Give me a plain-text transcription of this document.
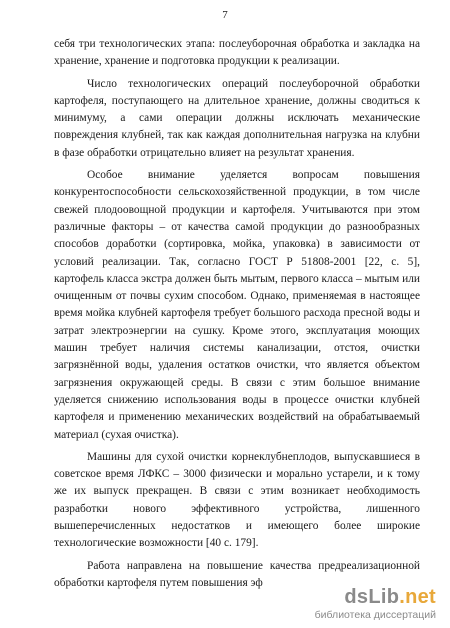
7

себя три технологических этапа: послеуборочная обработка и закладка на хранение, хранение и подготовка продукции к реализации.

Число технологических операций послеуборочной обработки картофеля, поступающего на длительное хранение, должны сводиться к минимуму, а сами операции должны исключать механические повреждения клубней, так как каждая дополнительная нагрузка на клубни в фазе обработки отрицательно влияет на результат хранения.

Особое внимание уделяется вопросам повышения конкурентоспособности сельскохозяйственной продукции, в том числе свежей плодоовощной продукции и картофеля. Учитываются при этом различные факторы – от качества самой продукции до разнообразных способов доработки (сортировка, мойка, упаковка) в зависимости от условий реализации. Так, согласно ГОСТ Р 51808-2001 [22, с. 5], картофель класса экстра должен быть мытым, первого класса – мытым или очищенным от почвы сухим способом. Однако, применяемая в настоящее время мойка клубней картофеля требует большого расхода пресной воды и затрат электроэнергии на сушку. Кроме этого, эксплуатация моющих машин требует наличия системы канализации, отстоя, очистки загрязнённой воды, удаления остатков очистки, что является объектом загрязнения окружающей среды. В связи с этим большое внимание уделяется снижению использования воды в процессе очистки клубней картофеля и применению механических воздействий на обрабатываемый материал (сухая очистка).

Машины для сухой очистки корнеклубнеплодов, выпускавшиеся в советское время ЛФКС – 3000 физически и морально устарели, и к тому же их выпуск прекращен. В связи с этим возникает необходимость разработки нового эффективного устройства, лишенного вышеперечисленных недостатков и имеющего более широкие технологические возможности [40 с. 179].

Работа направлена на повышение качества предреализационной обработки картофеля путем повышения эф

dsLib.net
библиотека диссертаций
